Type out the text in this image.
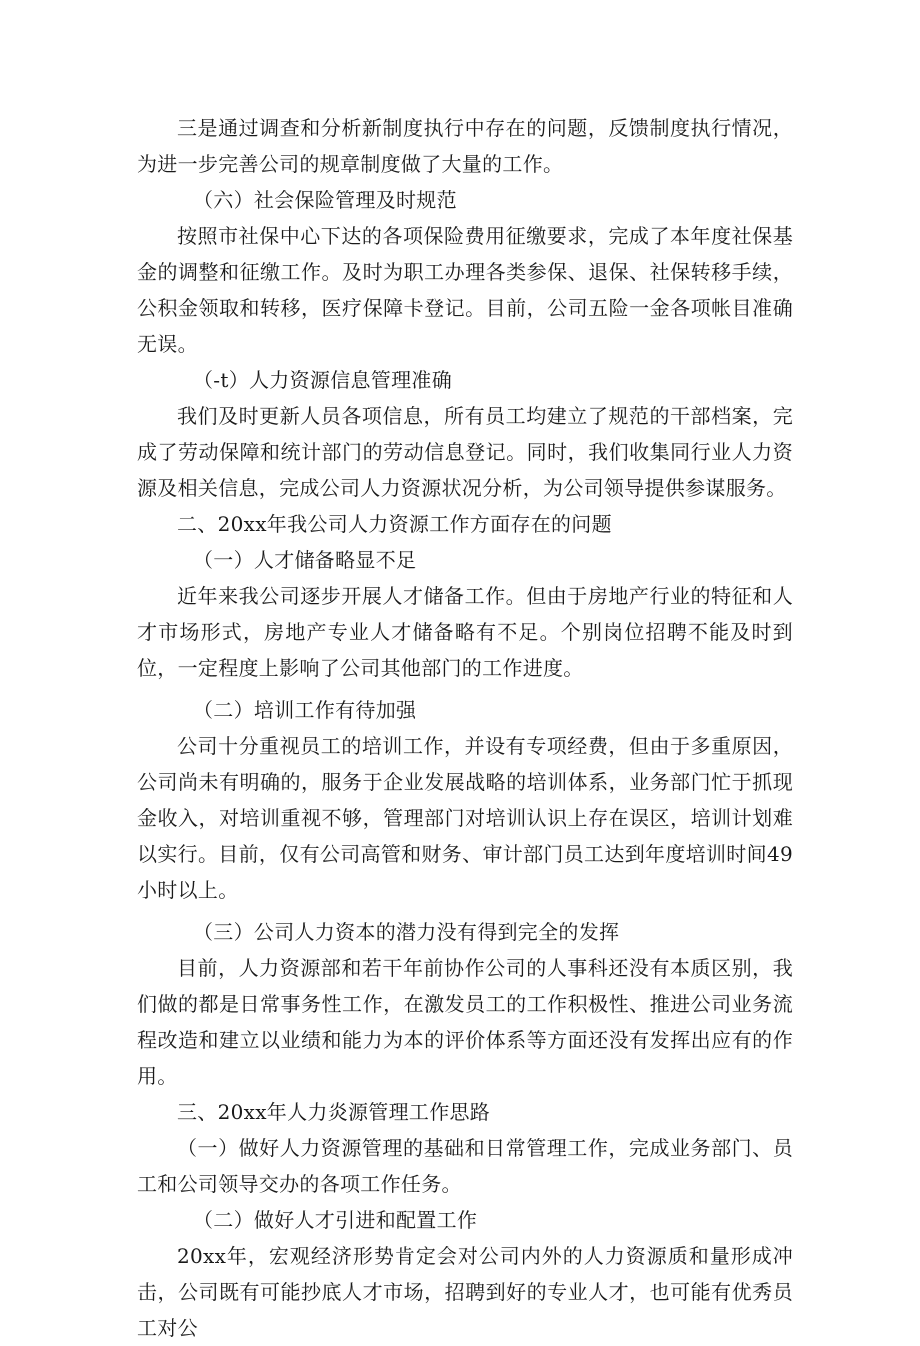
三是通过调查和分析新制度执行中存在的问题，反馈制度执行情况，为进一步完善公司的规章制度做了大量的工作。

（六）社会保险管理及时规范

按照市社保中心下达的各项保险费用征缴要求，完成了本年度社保基金的调整和征缴工作。及时为职工办理各类参保、退保、社保转移手续，公积金领取和转移，医疗保障卡登记。目前，公司五险一金各项帐目准确无误。

（-t）人力资源信息管理准确

我们及时更新人员各项信息，所有员工均建立了规范的干部档案，完成了劳动保障和统计部门的劳动信息登记。同时，我们收集同行业人力资源及相关信息，完成公司人力资源状况分析，为公司领导提供参谋服务。

二、20xx年我公司人力资源工作方面存在的问题

（一）人才储备略显不足

近年来我公司逐步开展人才储备工作。但由于房地产行业的特征和人才市场形式，房地产专业人才储备略有不足。个别岗位招聘不能及时到位，一定程度上影响了公司其他部门的工作进度。

（二）培训工作有待加强

公司十分重视员工的培训工作，并设有专项经费，但由于多重原因，公司尚未有明确的，服务于企业发展战略的培训体系，业务部门忙于抓现金收入，对培训重视不够，管理部门对培训认识上存在误区，培训计划难以实行。目前，仅有公司高管和财务、审计部门员工达到年度培训时间49小时以上。

（三）公司人力资本的潜力没有得到完全的发挥

目前，人力资源部和若干年前协作公司的人事科还没有本质区别，我们做的都是日常事务性工作，在激发员工的工作积极性、推进公司业务流程改造和建立以业绩和能力为本的评价体系等方面还没有发挥出应有的作用。

三、20xx年人力炎源管理工作思路

（一）做好人力资源管理的基础和日常管理工作，完成业务部门、员工和公司领导交办的各项工作任务。

（二）做好人才引进和配置工作

20xx年，宏观经济形势肯定会对公司内外的人力资源质和量形成冲击，公司既有可能抄底人才市场，招聘到好的专业人才，也可能有优秀员工对公
